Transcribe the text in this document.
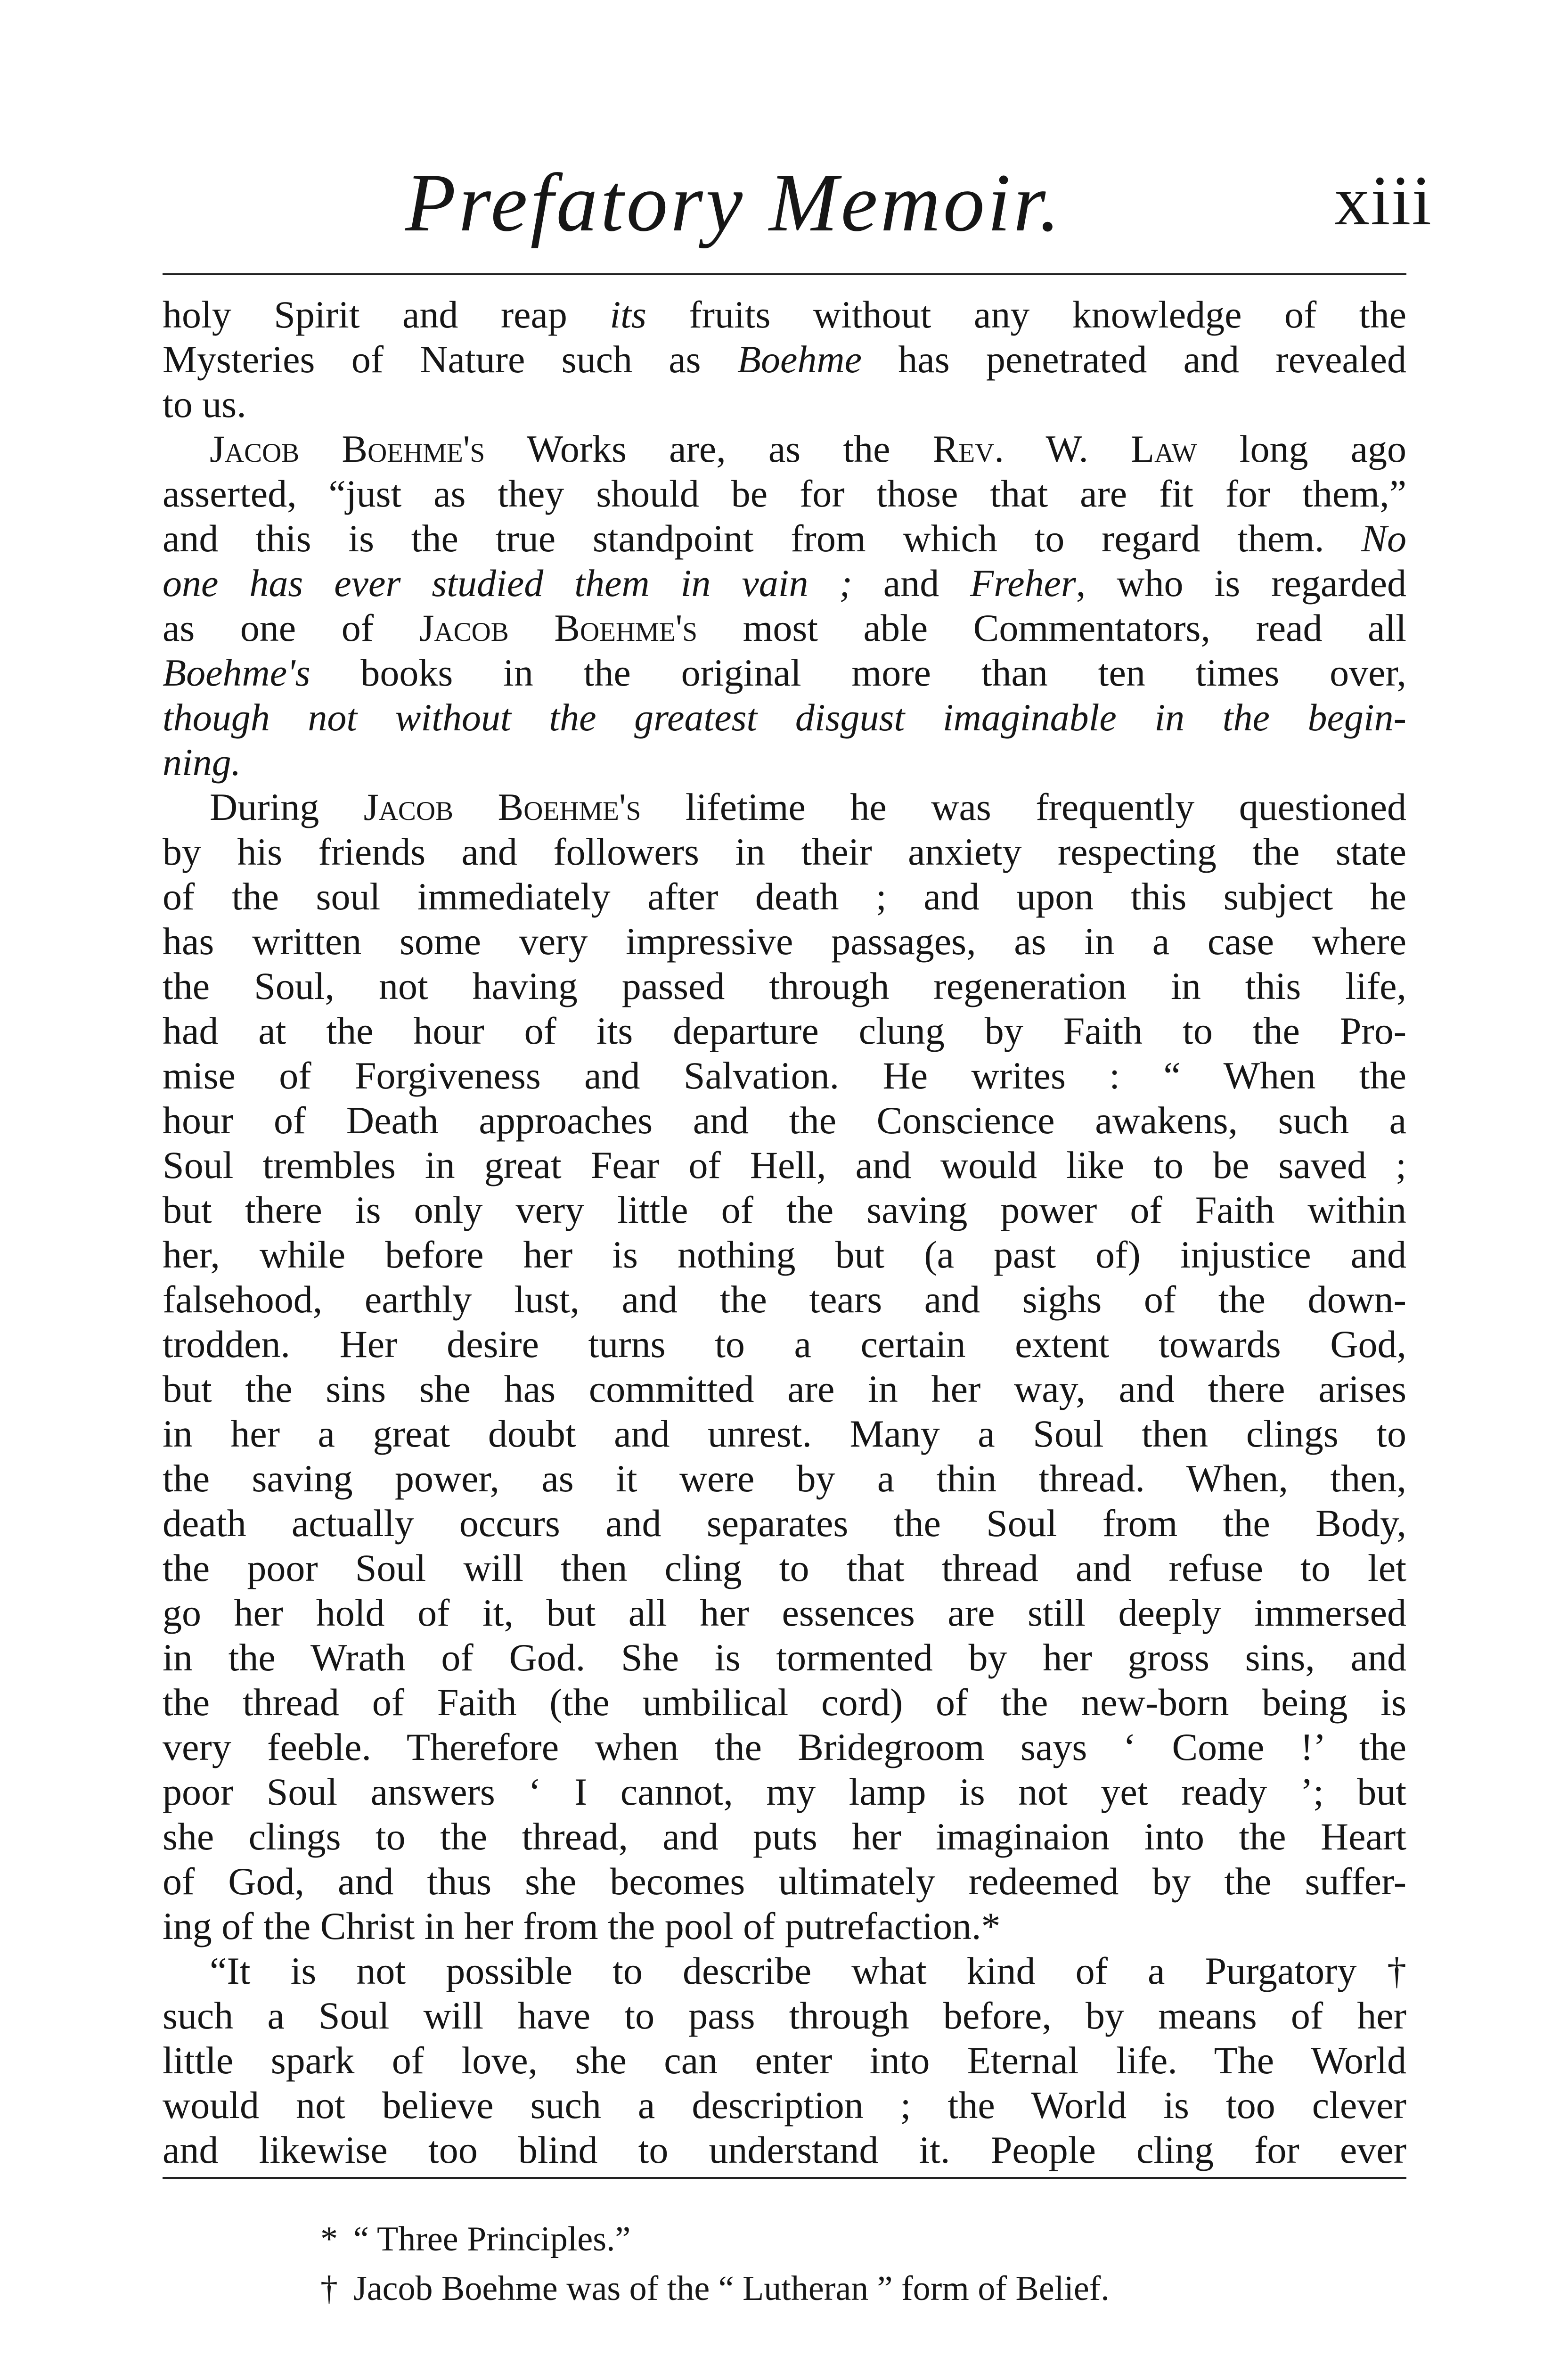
Prefatory Memoir.	xiii
holy Spirit and reap its fruits without any knowledge of the
Mysteries of Nature such as Boehme has penetrated and revealed
to us.
Jacob Boehme's Works are, as the Rev. W. Law long ago
asserted, “just as they should be for those that are fit for them,”
and this is the true standpoint from which to regard them. No
one has ever studied them in vain ; and Freher, who is regarded
as one of Jacob Boehme's most able Commentators, read all
Boehme's books in the original more than ten times over,
though not without the greatest disgust imaginable in the begin-
ning.
During Jacob Boehme's lifetime he was frequently questioned
by his friends and followers in their anxiety respecting the state
of the soul immediately after death ; and upon this subject he
has written some very impressive passages, as in a case where
the Soul, not having passed through regeneration in this life,
had at the hour of its departure clung by Faith to the Pro-
mise of Forgiveness and Salvation. He writes : “ When the
hour of Death approaches and the Conscience awakens, such a
Soul trembles in great Fear of Hell, and would like to be saved ;
but there is only very little of the saving power of Faith within
her, while before her is nothing but (a past of) injustice and
falsehood, earthly lust, and the tears and sighs of the down-
trodden. Her desire turns to a certain extent towards God,
but the sins she has committed are in her way, and there arises
in her a great doubt and unrest. Many a Soul then clings to
the saving power, as it were by a thin thread. When, then,
death actually occurs and separates the Soul from the Body,
the poor Soul will then cling to that thread and refuse to let
go her hold of it, but all her essences are still deeply immersed
in the Wrath of God. She is tormented by her gross sins, and
the thread of Faith (the umbilical cord) of the new-born being is
very feeble. Therefore when the Bridegroom says ‘ Come !’ the
poor Soul answers ‘ I cannot, my lamp is not yet ready ’; but
she clings to the thread, and puts her imaginaion into the Heart
of God, and thus she becomes ultimately redeemed by the suffer-
ing of the Christ in her from the pool of putrefaction.*
“It is not possible to describe what kind of a Purgatory†
such a Soul will have to pass through before, by means of her
little spark of love, she can enter into Eternal life. The World
would not believe such a description ; the World is too clever
and likewise too blind to understand it. People cling for ever
* “ Three Principles.”
† Jacob Boehme was of the “ Lutheran ” form of Belief.
